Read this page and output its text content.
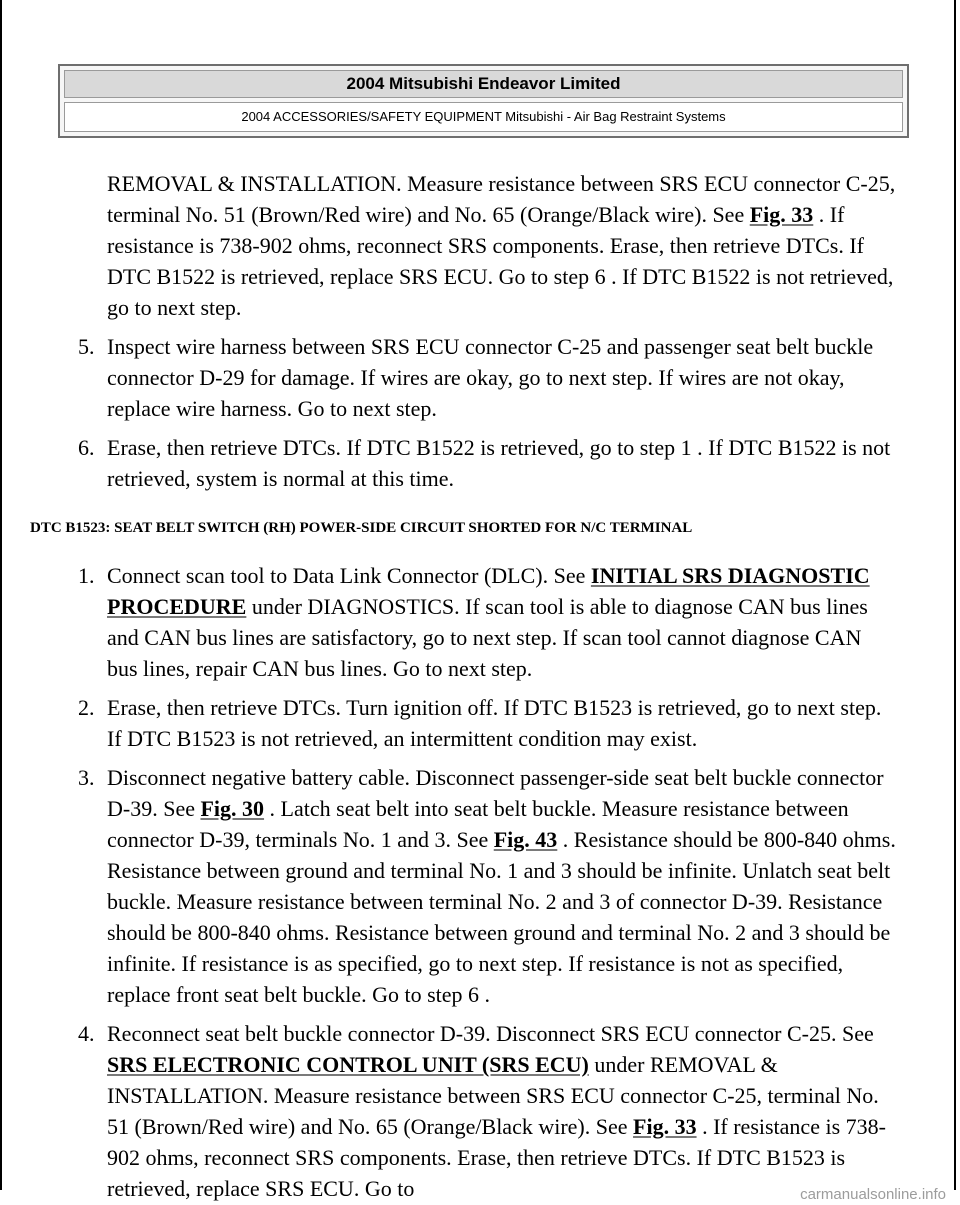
2004 Mitsubishi Endeavor Limited
2004 ACCESSORIES/SAFETY EQUIPMENT Mitsubishi - Air Bag Restraint Systems

REMOVAL & INSTALLATION. Measure resistance between SRS ECU connector C-25, terminal No. 51 (Brown/Red wire) and No. 65 (Orange/Black wire). See Fig. 33 . If resistance is 738-902 ohms, reconnect SRS components. Erase, then retrieve DTCs. If DTC B1522 is retrieved, replace SRS ECU. Go to step 6 . If DTC B1522 is not retrieved, go to next step.

5. Inspect wire harness between SRS ECU connector C-25 and passenger seat belt buckle connector D-29 for damage. If wires are okay, go to next step. If wires are not okay, replace wire harness. Go to next step.
6. Erase, then retrieve DTCs. If DTC B1522 is retrieved, go to step 1 . If DTC B1522 is not retrieved, system is normal at this time.
DTC B1523: SEAT BELT SWITCH (RH) POWER-SIDE CIRCUIT SHORTED FOR N/C TERMINAL
1. Connect scan tool to Data Link Connector (DLC). See INITIAL SRS DIAGNOSTIC PROCEDURE under DIAGNOSTICS. If scan tool is able to diagnose CAN bus lines and CAN bus lines are satisfactory, go to next step. If scan tool cannot diagnose CAN bus lines, repair CAN bus lines. Go to next step.
2. Erase, then retrieve DTCs. Turn ignition off. If DTC B1523 is retrieved, go to next step. If DTC B1523 is not retrieved, an intermittent condition may exist.
3. Disconnect negative battery cable. Disconnect passenger-side seat belt buckle connector D-39. See Fig. 30 . Latch seat belt into seat belt buckle. Measure resistance between connector D-39, terminals No. 1 and 3. See Fig. 43 . Resistance should be 800-840 ohms. Resistance between ground and terminal No. 1 and 3 should be infinite. Unlatch seat belt buckle. Measure resistance between terminal No. 2 and 3 of connector D-39. Resistance should be 800-840 ohms. Resistance between ground and terminal No. 2 and 3 should be infinite. If resistance is as specified, go to next step. If resistance is not as specified, replace front seat belt buckle. Go to step 6 .
4. Reconnect seat belt buckle connector D-39. Disconnect SRS ECU connector C-25. See SRS ELECTRONIC CONTROL UNIT (SRS ECU) under REMOVAL & INSTALLATION. Measure resistance between SRS ECU connector C-25, terminal No. 51 (Brown/Red wire) and No. 65 (Orange/Black wire). See Fig. 33 . If resistance is 738-902 ohms, reconnect SRS components. Erase, then retrieve DTCs. If DTC B1523 is retrieved, replace SRS ECU. Go to	carmanualsonline.info
